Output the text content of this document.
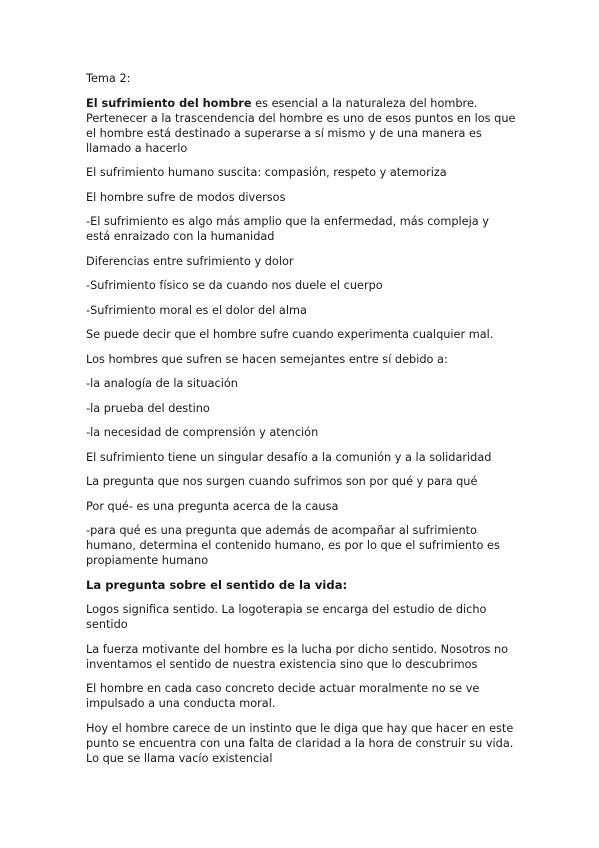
Tema 2:

El sufrimiento del hombre es esencial a la naturaleza del hombre. Pertenecer a la trascendencia del hombre es uno de esos puntos en los que el hombre está destinado a superarse a sí mismo y de una manera es llamado a hacerlo

El sufrimiento humano suscita: compasión, respeto y atemoriza

El hombre sufre de modos diversos

-El sufrimiento es algo más amplio que la enfermedad, más compleja y está enraizado con la humanidad

Diferencias entre sufrimiento y dolor

-Sufrimiento físico se da cuando nos duele el cuerpo

-Sufrimiento moral es el dolor del alma

Se puede decir que el hombre sufre cuando experimenta cualquier mal.

Los hombres que sufren se hacen semejantes entre sí debido a:

-la analogía de la situación

-la prueba del destino

-la necesidad de comprensión y atención

El sufrimiento tiene un singular desafío a la comunión y a la solidaridad

La pregunta que nos surgen cuando sufrimos son por qué y para qué

Por qué- es una pregunta acerca de la causa

-para qué es una pregunta que además de acompañar al sufrimiento humano, determina el contenido humano, es por lo que el sufrimiento es propiamente humano

La pregunta sobre el sentido de la vida:

Logos significa sentido. La logoterapia se encarga del estudio de dicho sentido

La fuerza motivante del hombre es la lucha por dicho sentido. Nosotros no inventamos el sentido de nuestra existencia sino que lo descubrimos

El hombre en cada caso concreto decide actuar moralmente no se ve impulsado a una conducta moral.

Hoy el hombre carece de un instinto que le diga que hay que hacer en este punto se encuentra con una falta de claridad a la hora de construir su vida. Lo que se llama vacío existencial
